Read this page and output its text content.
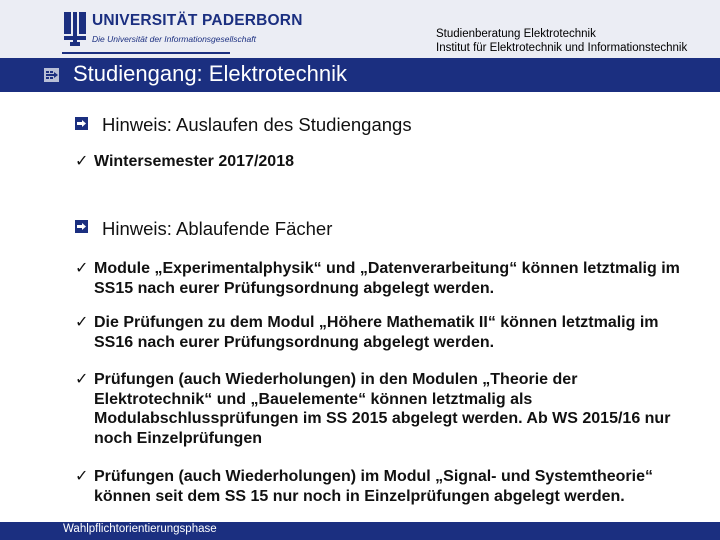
UNIVERSITÄT PADERBORN
Die Universität der Informationsgesellschaft	Studienberatung Elektrotechnik
Institut für Elektrotechnik und Informationstechnik
Studiengang: Elektrotechnik
Hinweis: Auslaufen des Studiengangs
✓ Wintersemester 2017/2018
Hinweis: Ablaufende Fächer
✓ Module „Experimentalphysik“ und „Datenverarbeitung“ können letztmalig im SS15 nach eurer Prüfungsordnung abgelegt werden.
✓ Die Prüfungen zu dem Modul „Höhere Mathematik II“ können letztmalig im SS16 nach eurer Prüfungsordnung abgelegt werden.
✓ Prüfungen (auch Wiederholungen) in den Modulen „Theorie der Elektrotechnik“ und „Bauelemente“ können letztmalig als Modulabschlussprüfungen im SS 2015 abgelegt werden. Ab WS 2015/16 nur noch Einzelprüfungen
✓ Prüfungen (auch Wiederholungen) im Modul „Signal- und Systemtheorie“ können seit dem SS 15 nur noch in Einzelprüfungen abgelegt werden.
Wahlpflichtorientierungsphase
